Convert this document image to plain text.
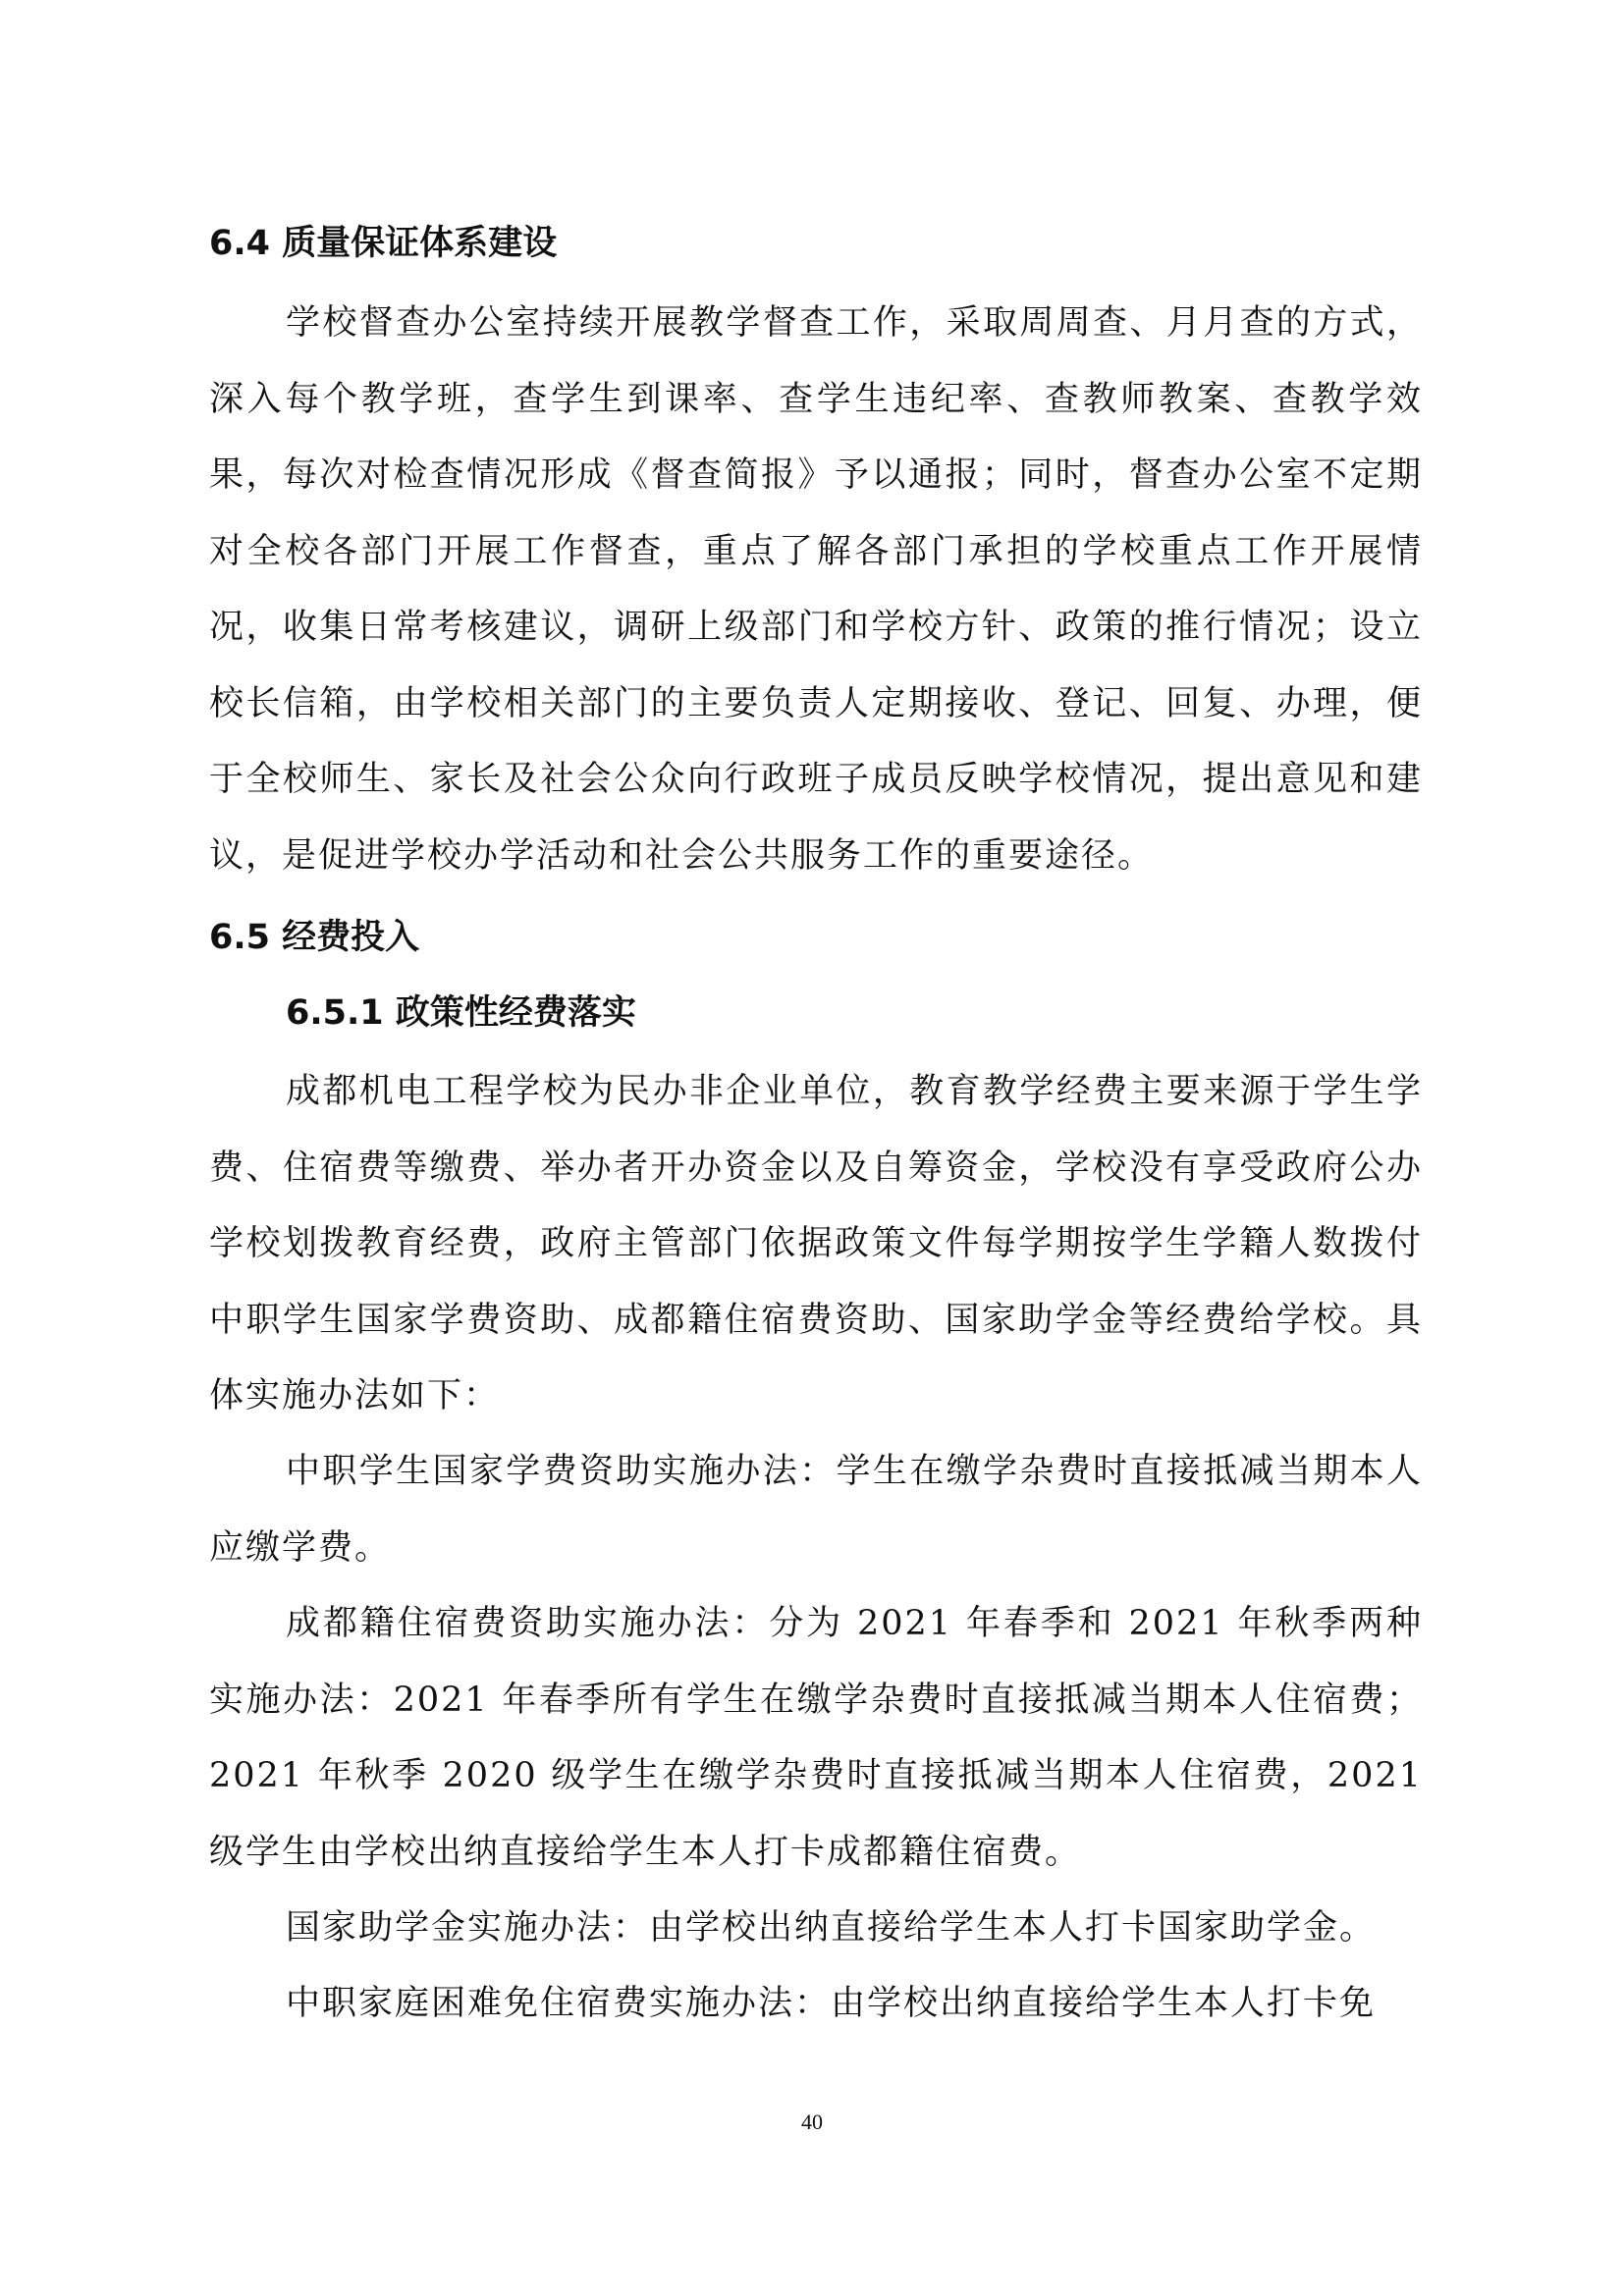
6.4 质量保证体系建设

学校督查办公室持续开展教学督查工作，采取周周查、月月查的方式，深入每个教学班，查学生到课率、查学生违纪率、查教师教案、查教学效果，每次对检查情况形成《督查简报》予以通报；同时，督查办公室不定期对全校各部门开展工作督查，重点了解各部门承担的学校重点工作开展情况，收集日常考核建议，调研上级部门和学校方针、政策的推行情况；设立校长信箱，由学校相关部门的主要负责人定期接收、登记、回复、办理，便于全校师生、家长及社会公众向行政班子成员反映学校情况，提出意见和建议，是促进学校办学活动和社会公共服务工作的重要途径。

6.5 经费投入
6.5.1 政策性经费落实

成都机电工程学校为民办非企业单位，教育教学经费主要来源于学生学费、住宿费等缴费、举办者开办资金以及自筹资金，学校没有享受政府公办学校划拨教育经费，政府主管部门依据政策文件每学期按学生学籍人数拨付中职学生国家学费资助、成都籍住宿费资助、国家助学金等经费给学校。具体实施办法如下：

中职学生国家学费资助实施办法：学生在缴学杂费时直接抵减当期本人应缴学费。

成都籍住宿费资助实施办法：分为 2021 年春季和 2021 年秋季两种实施办法：2021 年春季所有学生在缴学杂费时直接抵减当期本人住宿费；2021 年秋季 2020 级学生在缴学杂费时直接抵减当期本人住宿费，2021 级学生由学校出纳直接给学生本人打卡成都籍住宿费。

国家助学金实施办法：由学校出纳直接给学生本人打卡国家助学金。

中职家庭困难免住宿费实施办法：由学校出纳直接给学生本人打卡免

40
